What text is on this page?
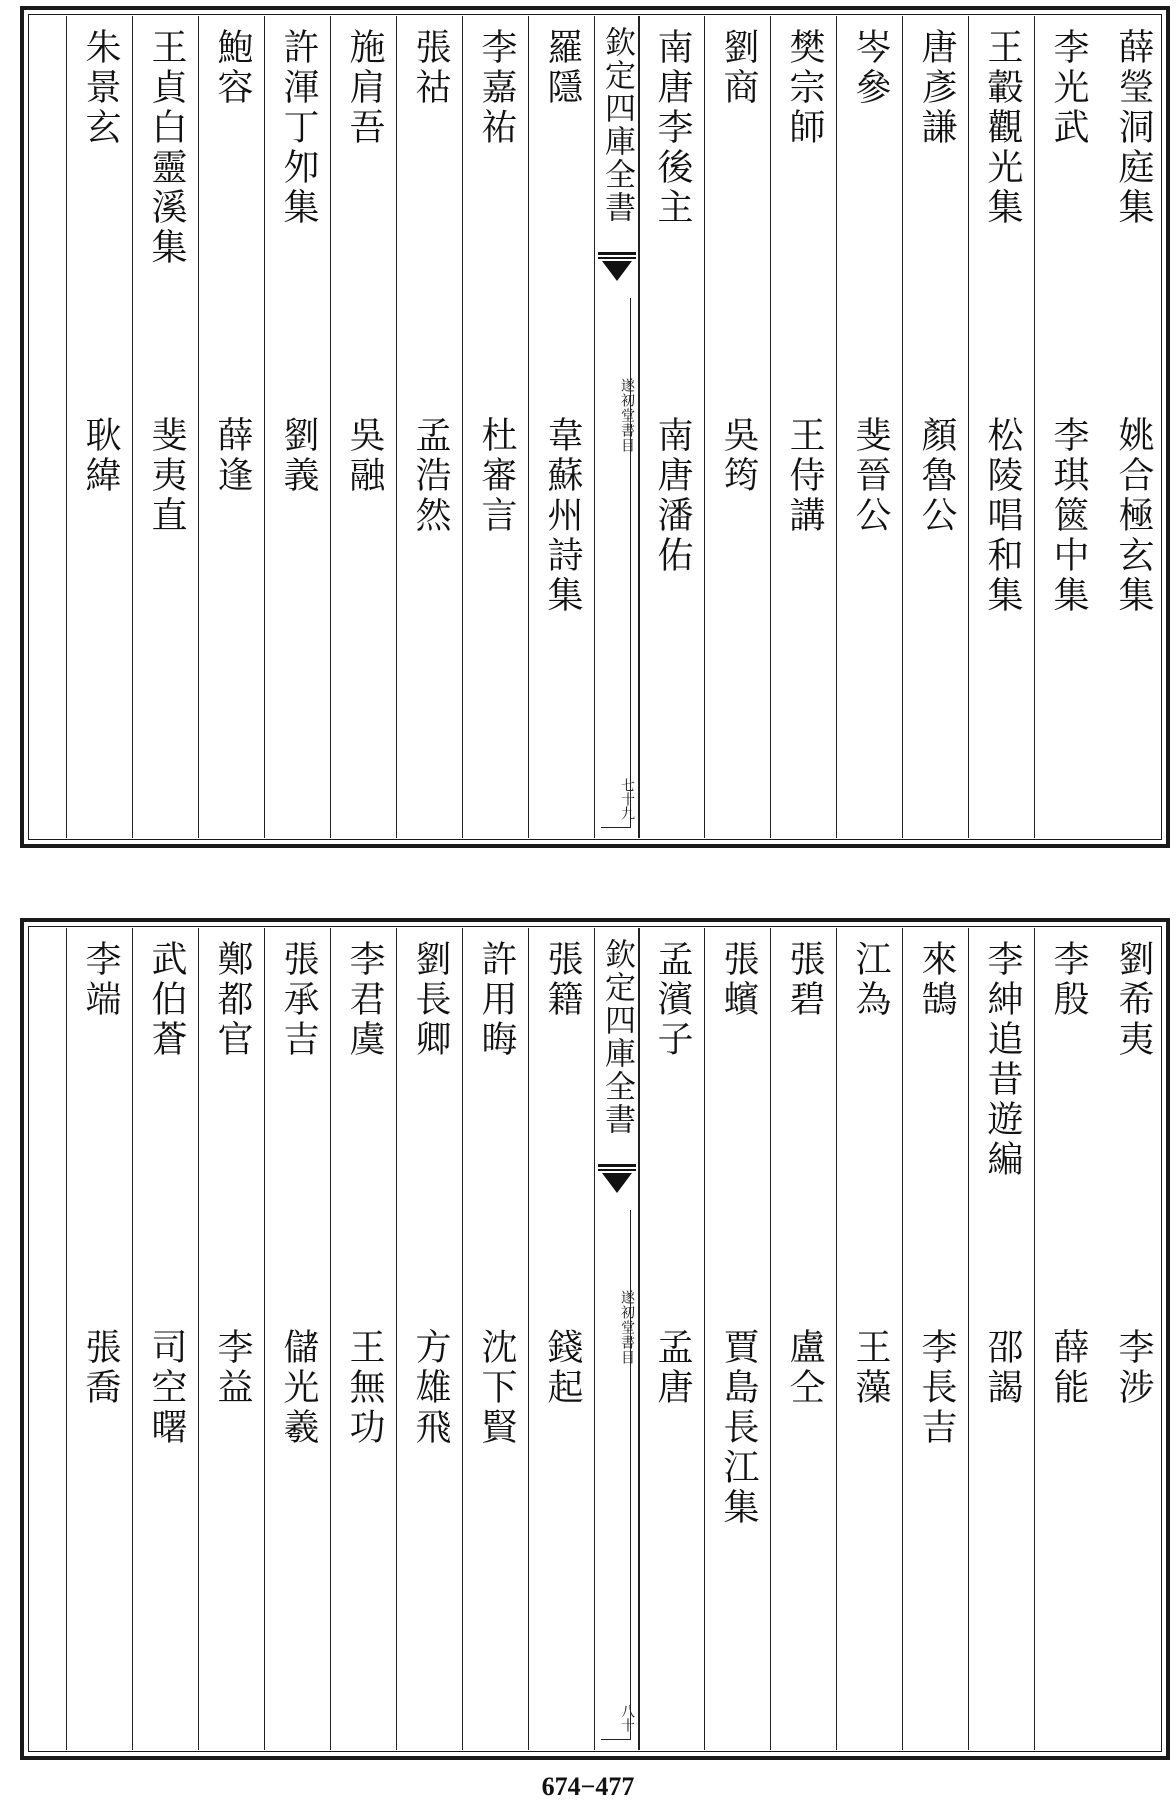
薛瑩洞庭集
姚合極玄集
李光武
李琪篋中集
王轂觀光集
松陵唱和集
唐彥謙
顏魯公
岑參
斐晉公
樊宗師
王侍講
劉商
吳筠
南唐李後主
南唐潘佑
欽定四庫全書
遂初堂書目
七十九
羅隱
韋蘇州詩集
李嘉祐
杜審言
張祜
孟浩然
施肩吾
吳融
許渾丁夘集
劉義
鮑容
薛逢
王貞白靈溪集
斐夷直
朱景玄
耿緯
劉希夷
李涉
李殷
薛能
李紳追昔遊編
邵謁
來鵠
李長吉
江為
王藻
張碧
盧仝
張蠙
賈島長江集
孟濱子
孟唐
欽定四庫全書
遂初堂書目
八十
張籍
錢起
許用晦
沈下賢
劉長卿
方雄飛
李君虞
王無功
張承吉
儲光羲
鄭都官
李益
武伯蒼
司空曙
李端
張喬
674−477
